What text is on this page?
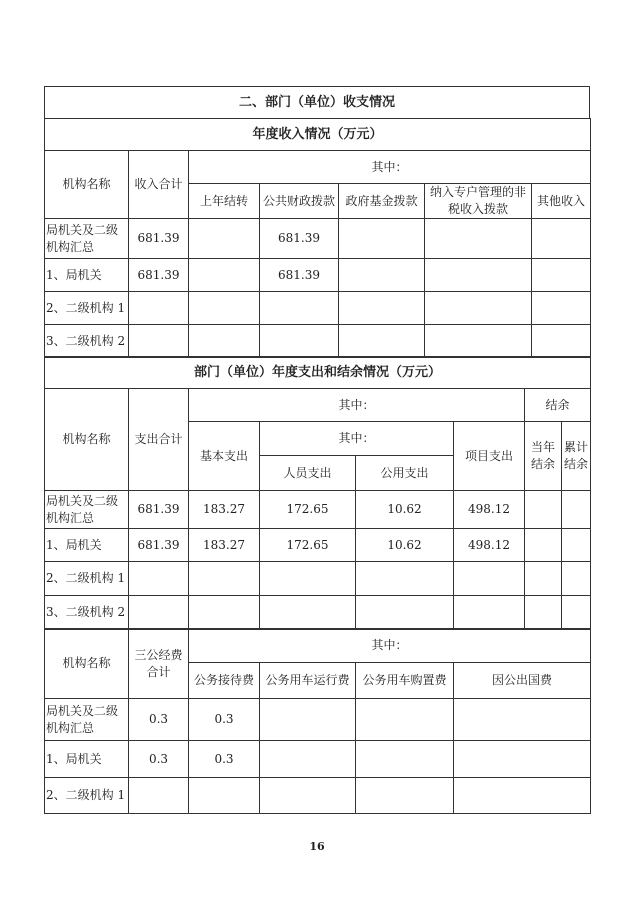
二、部门（单位）收支情况
年度收入情况（万元）						
机构名称	收入合计	其中：				
		上年结转	公共财政拨款	政府基金拨款	纳入专户管理的非税收入拨款	其他收入
局机关及二级机构汇总	681.39		681.39			
1、局机关	681.39		681.39			
2、二级机构 1						
3、二级机构 2						
部门（单位）年度支出和结余情况（万元）							
机构名称	支出合计	其中：				结余	
		基本支出	其中：		项目支出	当年结余	累计结余
			人员支出	公用支出			
局机关及二级机构汇总	681.39	183.27	172.65	10.62	498.12		
1、局机关	681.39	183.27	172.65	10.62	498.12		
2、二级机构 1							
3、二级机构 2							
机构名称	三公经费合计	其中：			
		公务接待费	公务用车运行费	公务用车购置费	因公出国费
局机关及二级机构汇总	0.3	0.3			
1、局机关	0.3	0.3			
2、二级机构 1					
16
